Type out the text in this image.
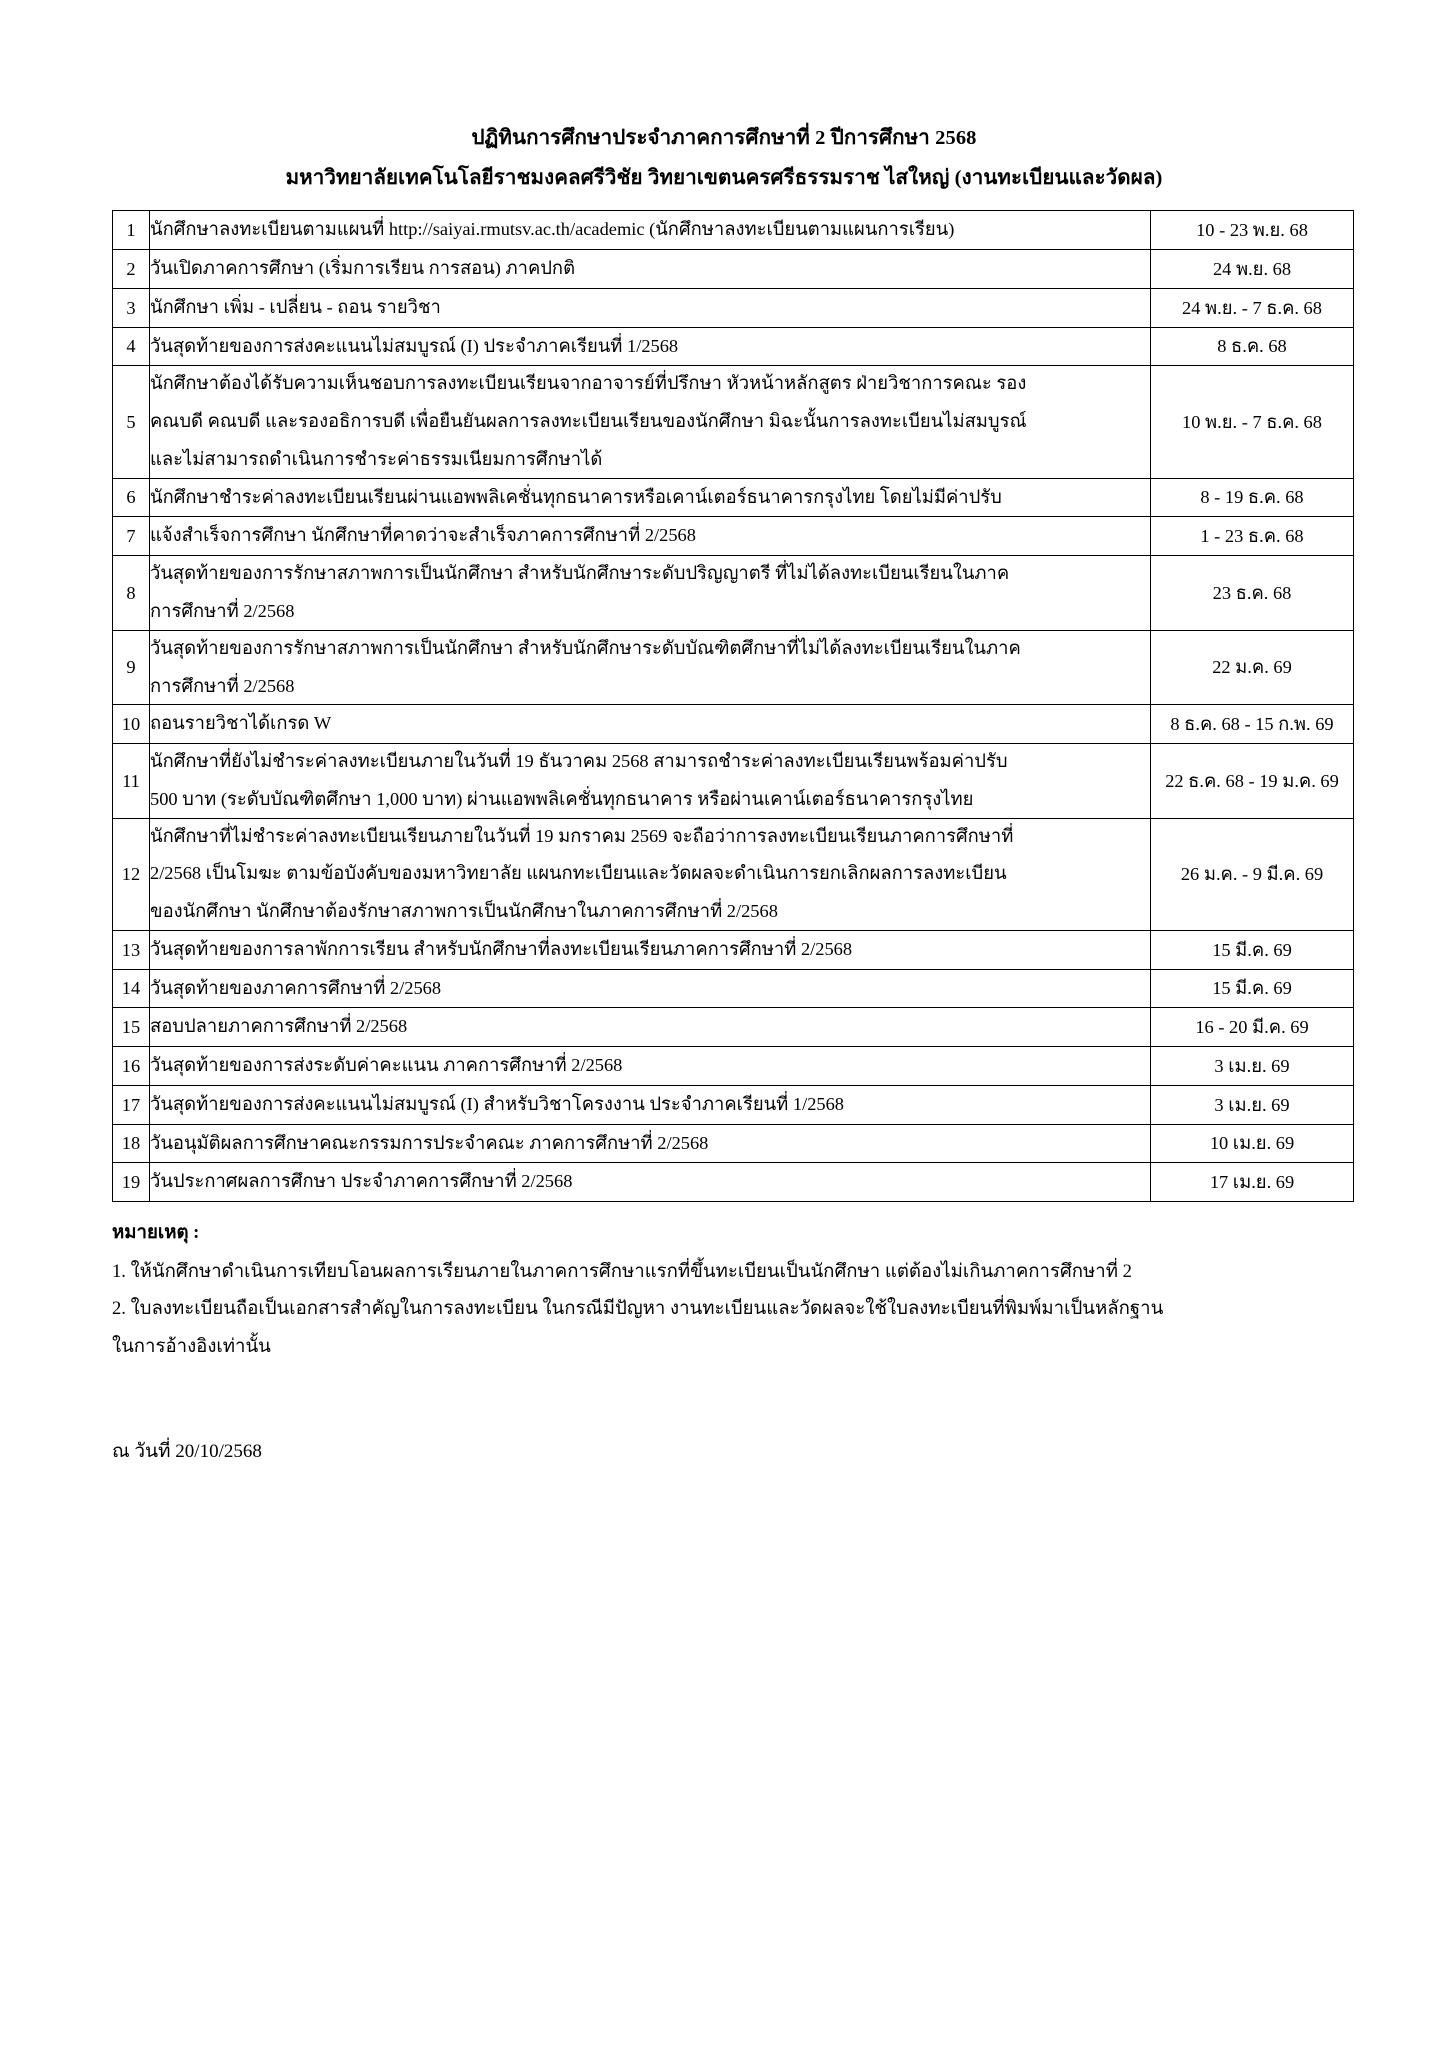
ปฏิทินการศึกษาประจำภาคการศึกษาที่ 2 ปีการศึกษา 2568
มหาวิทยาลัยเทคโนโลยีราชมงคลศรีวิชัย วิทยาเขตนครศรีธรรมราช ไสใหญ่ (งานทะเบียนและวัดผล)
1	นักศึกษาลงทะเบียนตามแผนที่ http://saiyai.rmutsv.ac.th/academic (นักศึกษาลงทะเบียนตามแผนการเรียน)	10 - 23 พ.ย. 68
2	วันเปิดภาคการศึกษา (เริ่มการเรียน การสอน) ภาคปกติ	24 พ.ย. 68
3	นักศึกษา เพิ่ม - เปลี่ยน - ถอน รายวิชา	24 พ.ย. - 7 ธ.ค. 68
4	วันสุดท้ายของการส่งคะแนนไม่สมบูรณ์ (I) ประจำภาคเรียนที่ 1/2568	8 ธ.ค. 68
5	นักศึกษาต้องได้รับความเห็นชอบการลงทะเบียนเรียนจากอาจารย์ที่ปรึกษา หัวหน้าหลักสูตร ฝ่ายวิชาการคณะ รอง
คณบดี คณบดี และรองอธิการบดี เพื่อยืนยันผลการลงทะเบียนเรียนของนักศึกษา มิฉะนั้นการลงทะเบียนไม่สมบูรณ์
และไม่สามารถดำเนินการชำระค่าธรรมเนียมการศึกษาได้	10 พ.ย. - 7 ธ.ค. 68
6	นักศึกษาชำระค่าลงทะเบียนเรียนผ่านแอพพลิเคชั่นทุกธนาคารหรือเคาน์เตอร์ธนาคารกรุงไทย โดยไม่มีค่าปรับ	8 - 19 ธ.ค. 68
7	แจ้งสำเร็จการศึกษา นักศึกษาที่คาดว่าจะสำเร็จภาคการศึกษาที่ 2/2568	1 - 23 ธ.ค. 68
8	วันสุดท้ายของการรักษาสภาพการเป็นนักศึกษา สำหรับนักศึกษาระดับปริญญาตรี ที่ไม่ได้ลงทะเบียนเรียนในภาค
การศึกษาที่ 2/2568	23 ธ.ค. 68
9	วันสุดท้ายของการรักษาสภาพการเป็นนักศึกษา สำหรับนักศึกษาระดับบัณฑิตศึกษาที่ไม่ได้ลงทะเบียนเรียนในภาค
การศึกษาที่ 2/2568	22 ม.ค. 69
10	ถอนรายวิชาได้เกรด W	8 ธ.ค. 68 - 15 ก.พ. 69
11	นักศึกษาที่ยังไม่ชำระค่าลงทะเบียนภายในวันที่ 19 ธันวาคม 2568 สามารถชำระค่าลงทะเบียนเรียนพร้อมค่าปรับ
500 บาท (ระดับบัณฑิตศึกษา 1,000 บาท) ผ่านแอพพลิเคชั่นทุกธนาคาร หรือผ่านเคาน์เตอร์ธนาคารกรุงไทย	22 ธ.ค. 68 - 19 ม.ค. 69
12	นักศึกษาที่ไม่ชำระค่าลงทะเบียนเรียนภายในวันที่ 19 มกราคม 2569 จะถือว่าการลงทะเบียนเรียนภาคการศึกษาที่
2/2568 เป็นโมฆะ ตามข้อบังคับของมหาวิทยาลัย แผนกทะเบียนและวัดผลจะดำเนินการยกเลิกผลการลงทะเบียน
ของนักศึกษา นักศึกษาต้องรักษาสภาพการเป็นนักศึกษาในภาคการศึกษาที่ 2/2568	26 ม.ค. - 9 มี.ค. 69
13	วันสุดท้ายของการลาพักการเรียน สำหรับนักศึกษาที่ลงทะเบียนเรียนภาคการศึกษาที่ 2/2568	15 มี.ค. 69
14	วันสุดท้ายของภาคการศึกษาที่ 2/2568	15 มี.ค. 69
15	สอบปลายภาคการศึกษาที่ 2/2568	16 - 20 มี.ค. 69
16	วันสุดท้ายของการส่งระดับค่าคะแนน ภาคการศึกษาที่ 2/2568	3 เม.ย. 69
17	วันสุดท้ายของการส่งคะแนนไม่สมบูรณ์ (I) สำหรับวิชาโครงงาน ประจำภาคเรียนที่ 1/2568	3 เม.ย. 69
18	วันอนุมัติผลการศึกษาคณะกรรมการประจำคณะ ภาคการศึกษาที่ 2/2568	10 เม.ย. 69
19	วันประกาศผลการศึกษา ประจำภาคการศึกษาที่ 2/2568	17 เม.ย. 69
หมายเหตุ :
1. ให้นักศึกษาดำเนินการเทียบโอนผลการเรียนภายในภาคการศึกษาแรกที่ขึ้นทะเบียนเป็นนักศึกษา แต่ต้องไม่เกินภาคการศึกษาที่ 2
2. ใบลงทะเบียนถือเป็นเอกสารสำคัญในการลงทะเบียน ในกรณีมีปัญหา งานทะเบียนและวัดผลจะใช้ใบลงทะเบียนที่พิมพ์มาเป็นหลักฐาน
ในการอ้างอิงเท่านั้น
ณ วันที่ 20/10/2568
